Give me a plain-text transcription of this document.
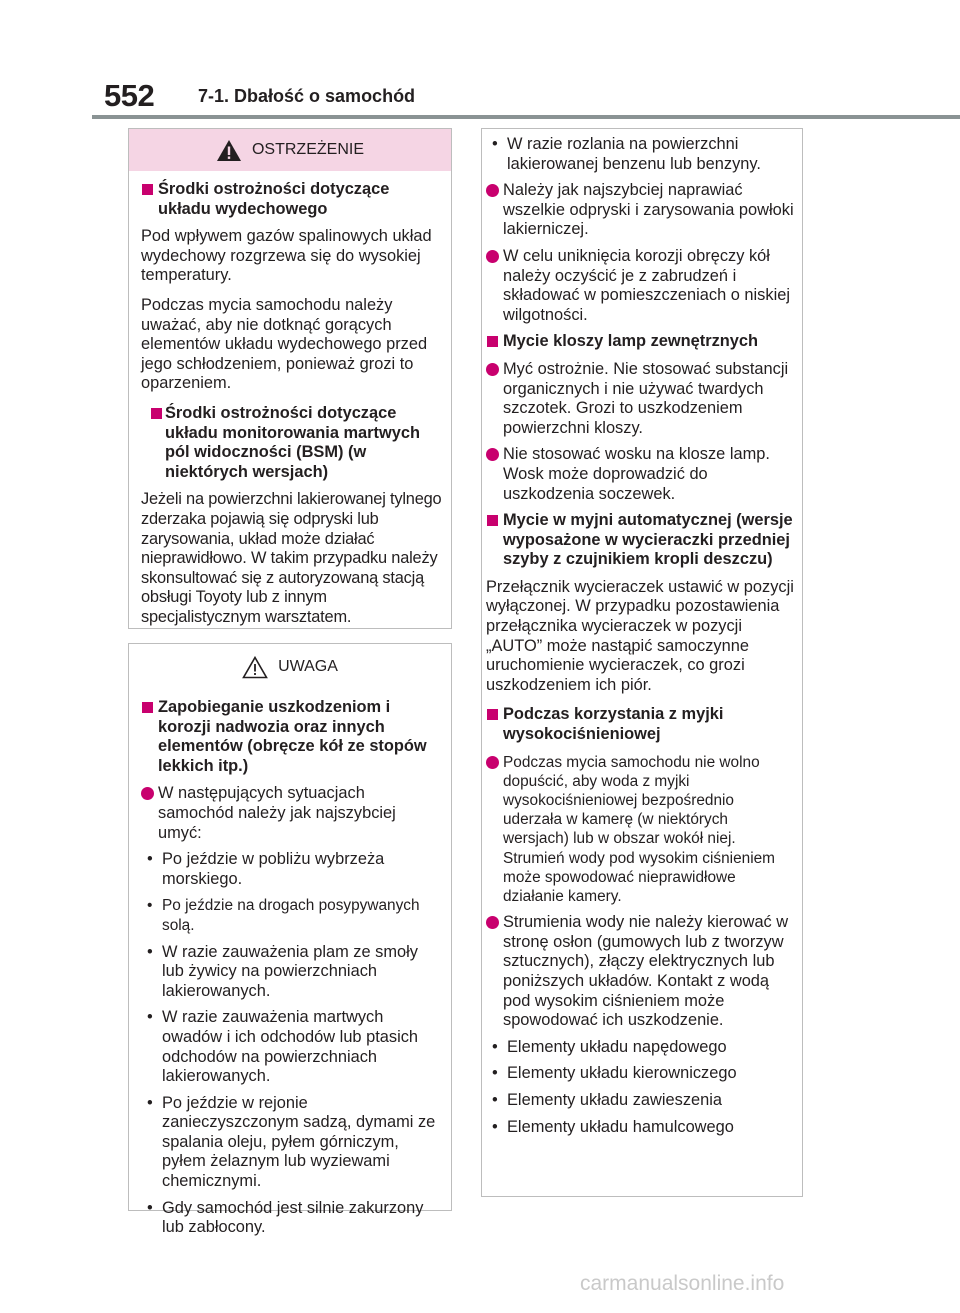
552 7-1. Dbałość o samochód
OSTRZEŻENIE
Środki ostrożności dotyczące układu wydechowego

Pod wpływem gazów spalinowych układ wydechowy rozgrzewa się do wysokiej temperatury.

Podczas mycia samochodu należy uważać, aby nie dotknąć gorących elementów układu wydechowego przed jego schłodzeniem, ponieważ grozi to oparzeniem.

Środki ostrożności dotyczące układu monitorowania martwych pól widoczności (BSM) (w niektórych wersjach)

Jeżeli na powierzchni lakierowanej tylnego zderzaka pojawią się odpryski lub zarysowania, układ może działać nieprawidłowo. W takim przypadku należy skonsultować się z autoryzowaną stacją obsługi Toyoty lub z innym specjalistycznym warsztatem.

UWAGA
Zapobieganie uszkodzeniom i korozji nadwozia oraz innych elementów (obręcze kół ze stopów lekkich itp.)
W następujących sytuacjach samochód należy jak najszybciej umyć:
• Po jeździe w pobliżu wybrzeża morskiego.
• Po jeździe na drogach posypywanych solą.
• W razie zauważenia plam ze smoły lub żywicy na powierzchniach lakierowanych.
• W razie zauważenia martwych owadów i ich odchodów lub ptasich odchodów na powierzchniach lakierowanych.
• Po jeździe w rejonie zanieczyszczonym sadzą, dymami ze spalania oleju, pyłem górniczym, pyłem żelaznym lub wyziewami chemicznymi.
• Gdy samochód jest silnie zakurzony lub zabłocony.
• W razie rozlania na powierzchni lakierowanej benzenu lub benzyny.
Należy jak najszybciej naprawiać wszelkie odpryski i zarysowania powłoki lakierniczej.
W celu uniknięcia korozji obręczy kół należy oczyścić je z zabrudzeń i składować w pomieszczeniach o niskiej wilgotności.
Mycie kloszy lamp zewnętrznych
Myć ostrożnie. Nie stosować substancji organicznych i nie używać twardych szczotek. Grozi to uszkodzeniem powierzchni kloszy.
Nie stosować wosku na klosze lamp. Wosk może doprowadzić do uszkodzenia soczewek.
Mycie w myjni automatycznej (wersje wyposażone w wycieraczki przedniej szyby z czujnikiem kropli deszczu)

Przełącznik wycieraczek ustawić w pozycji wyłączonej. W przypadku pozostawienia przełącznika wycieraczek w pozycji „AUTO” może nastąpić samoczynne uruchomienie wycieraczek, co grozi uszkodzeniem ich piór.

Podczas korzystania z myjki wysokociśnieniowej
Podczas mycia samochodu nie wolno dopuścić, aby woda z myjki wysokociśnieniowej bezpośrednio uderzała w kamerę (w niektórych wersjach) lub w obszar wokół niej. Strumień wody pod wysokim ciśnieniem może spowodować nieprawidłowe działanie kamery.
Strumienia wody nie należy kierować w stronę osłon (gumowych lub z tworzyw sztucznych), złączy elektrycznych lub poniższych układów. Kontakt z wodą pod wysokim ciśnieniem może spowodować ich uszkodzenie.
• Elementy układu napędowego
• Elementy układu kierowniczego
• Elementy układu zawieszenia
• Elementy układu hamulcowego
carmanualsonline.info
